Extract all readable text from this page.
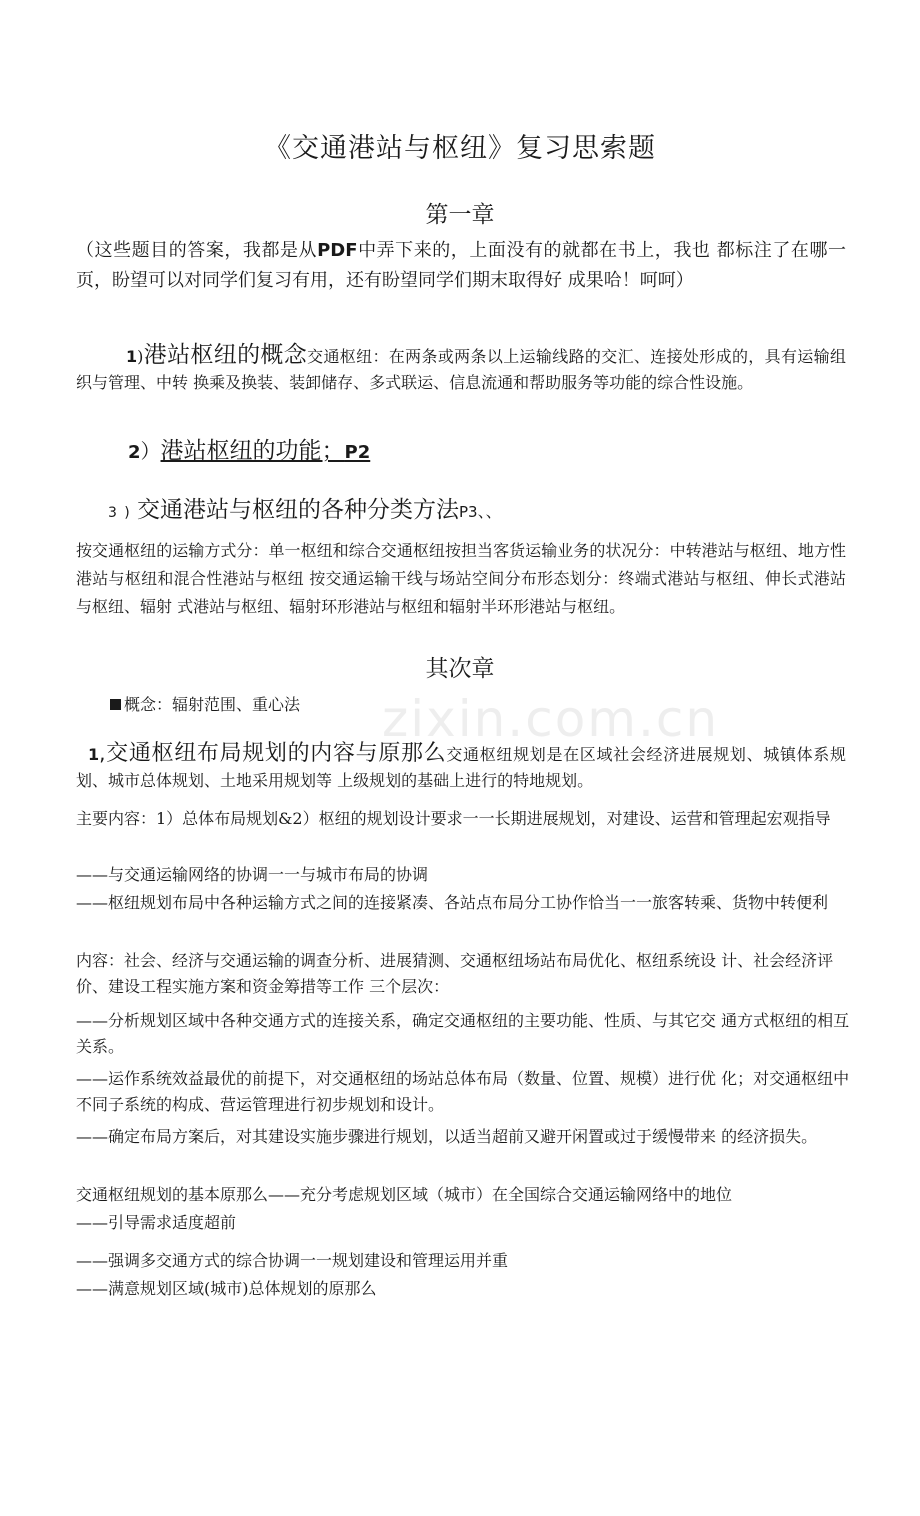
《交通港站与枢纽》复习思索题
第一章
（这些题目的答案，我都是从PDF中弄下来的，上面没有的就都在书上，我也 都标注了在哪一页，盼望可以对同学们复习有用，还有盼望同学们期末取得好 成果哈！呵呵）
1)港站枢纽的概念交通枢纽：在两条或两条以上运输线路的交汇、连接处形成的，具有运输组织与管理、中转 换乘及换装、装卸储存、多式联运、信息流通和帮助服务等功能的综合性设施。
2）港站枢纽的功能；P2
3 ) 交通港站与枢纽的各种分类方法P3、、
按交通枢纽的运输方式分：单一枢纽和综合交通枢纽按担当客货运输业务的状况分：中转港站与枢纽、地方性港站与枢纽和混合性港站与枢纽 按交通运输干线与场站空间分布形态划分：终端式港站与枢纽、伸长式港站与枢纽、辐射 式港站与枢纽、辐射环形港站与枢纽和辐射半环形港站与枢纽。
其次章
zixin.com.cn
概念：辐射范围、重心法
1,交通枢纽布局规划的内容与原那么交通枢纽规划是在区域社会经济进展规划、城镇体系规划、城市总体规划、土地采用规划等 上级规划的基础上进行的特地规划。
主要内容：1）总体布局规划&2）枢纽的规划设计要求一一长期进展规划，对建设、运营和管理起宏观指导
——与交通运输网络的协调一一与城市布局的协调
——枢纽规划布局中各种运输方式之间的连接紧凑、各站点布局分工协作恰当一一旅客转乘、货物中转便利
内容：社会、经济与交通运输的调查分析、进展猜测、交通枢纽场站布局优化、枢纽系统设 计、社会经济评价、建设工程实施方案和资金筹措等工作 三个层次：
——分析规划区域中各种交通方式的连接关系，确定交通枢纽的主要功能、性质、与其它交 通方式枢纽的相互关系。
——运作系统效益最优的前提下，对交通枢纽的场站总体布局（数量、位置、规模）进行优 化；对交通枢纽中不同子系统的构成、营运管理进行初步规划和设计。
——确定布局方案后，对其建设实施步骤进行规划，以适当超前又避开闲置或过于缓慢带来 的经济损失。
交通枢纽规划的基本原那么——充分考虑规划区域（城市）在全国综合交通运输网络中的地位
——引导需求适度超前
——强调多交通方式的综合协调一一规划建设和管理运用并重
——满意规划区域(城市)总体规划的原那么
